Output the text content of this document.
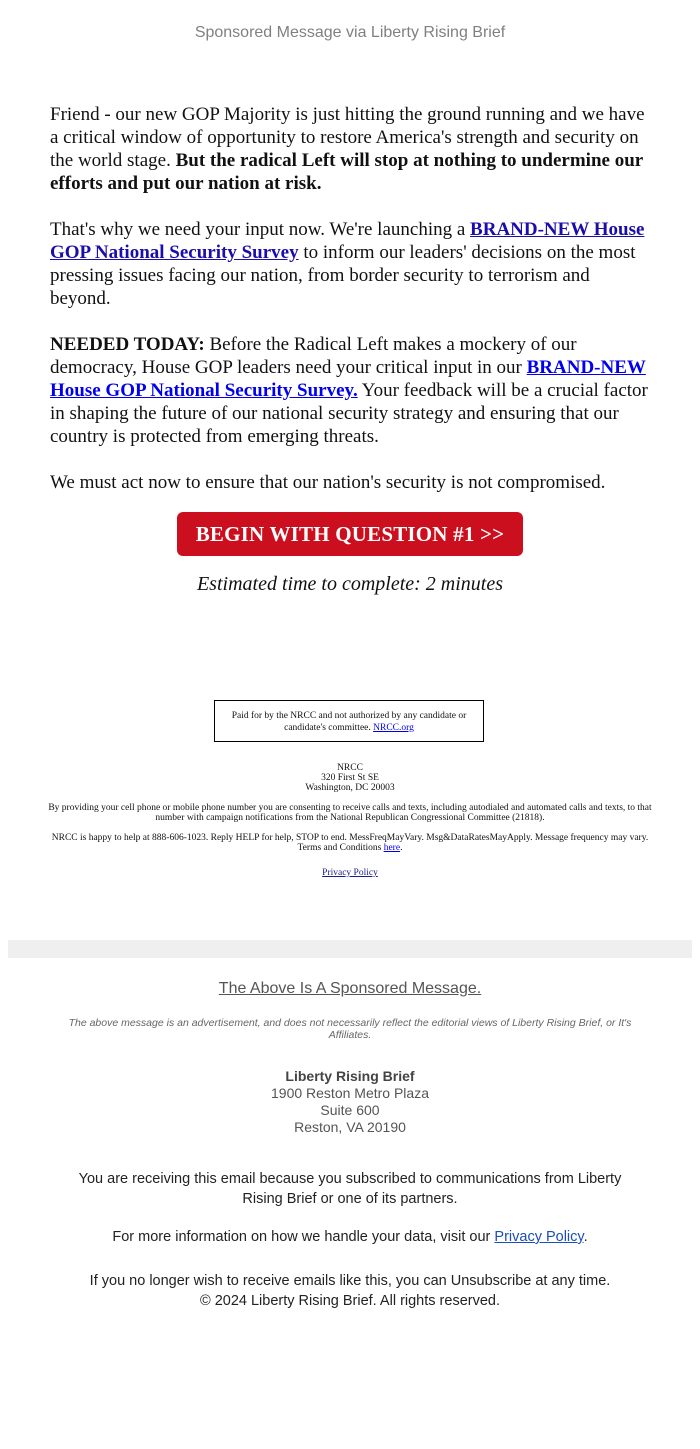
Sponsored Message via Liberty Rising Brief

Friend - our new GOP Majority is just hitting the ground running and we have a critical window of opportunity to restore America's strength and security on the world stage. But the radical Left will stop at nothing to undermine our efforts and put our nation at risk.

That's why we need your input now. We're launching a BRAND-NEW House GOP National Security Survey to inform our leaders' decisions on the most pressing issues facing our nation, from border security to terrorism and beyond.

NEEDED TODAY: Before the Radical Left makes a mockery of our democracy, House GOP leaders need your critical input in our BRAND-NEW House GOP National Security Survey. Your feedback will be a crucial factor in shaping the future of our national security strategy and ensuring that our country is protected from emerging threats.

We must act now to ensure that our nation's security is not compromised.

BEGIN WITH QUESTION #1 >>
Estimated time to complete: 2 minutes
Paid for by the NRCC and not authorized by any candidate or candidate's committee. NRCC.org
NRCC
320 First St SE
Washington, DC 20003
By providing your cell phone or mobile phone number you are consenting to receive calls and texts, including autodialed and automated calls and texts, to that number with campaign notifications from the National Republican Congressional Committee (21818).
NRCC is happy to help at 888-606-1023. Reply HELP for help, STOP to end. MessFreqMayVary. Msg&DataRatesMayApply. Message frequency may vary. Terms and Conditions here.
Privacy Policy
The Above Is A Sponsored Message.
The above message is an advertisement, and does not necessarily reflect the editorial views of Liberty Rising Brief, or It's Affiliates.
Liberty Rising Brief
1900 Reston Metro Plaza
Suite 600
Reston, VA 20190
You are receiving this email because you subscribed to communications from Liberty Rising Brief or one of its partners.
For more information on how we handle your data, visit our Privacy Policy.
If you no longer wish to receive emails like this, you can Unsubscribe at any time.
© 2024 Liberty Rising Brief. All rights reserved.
